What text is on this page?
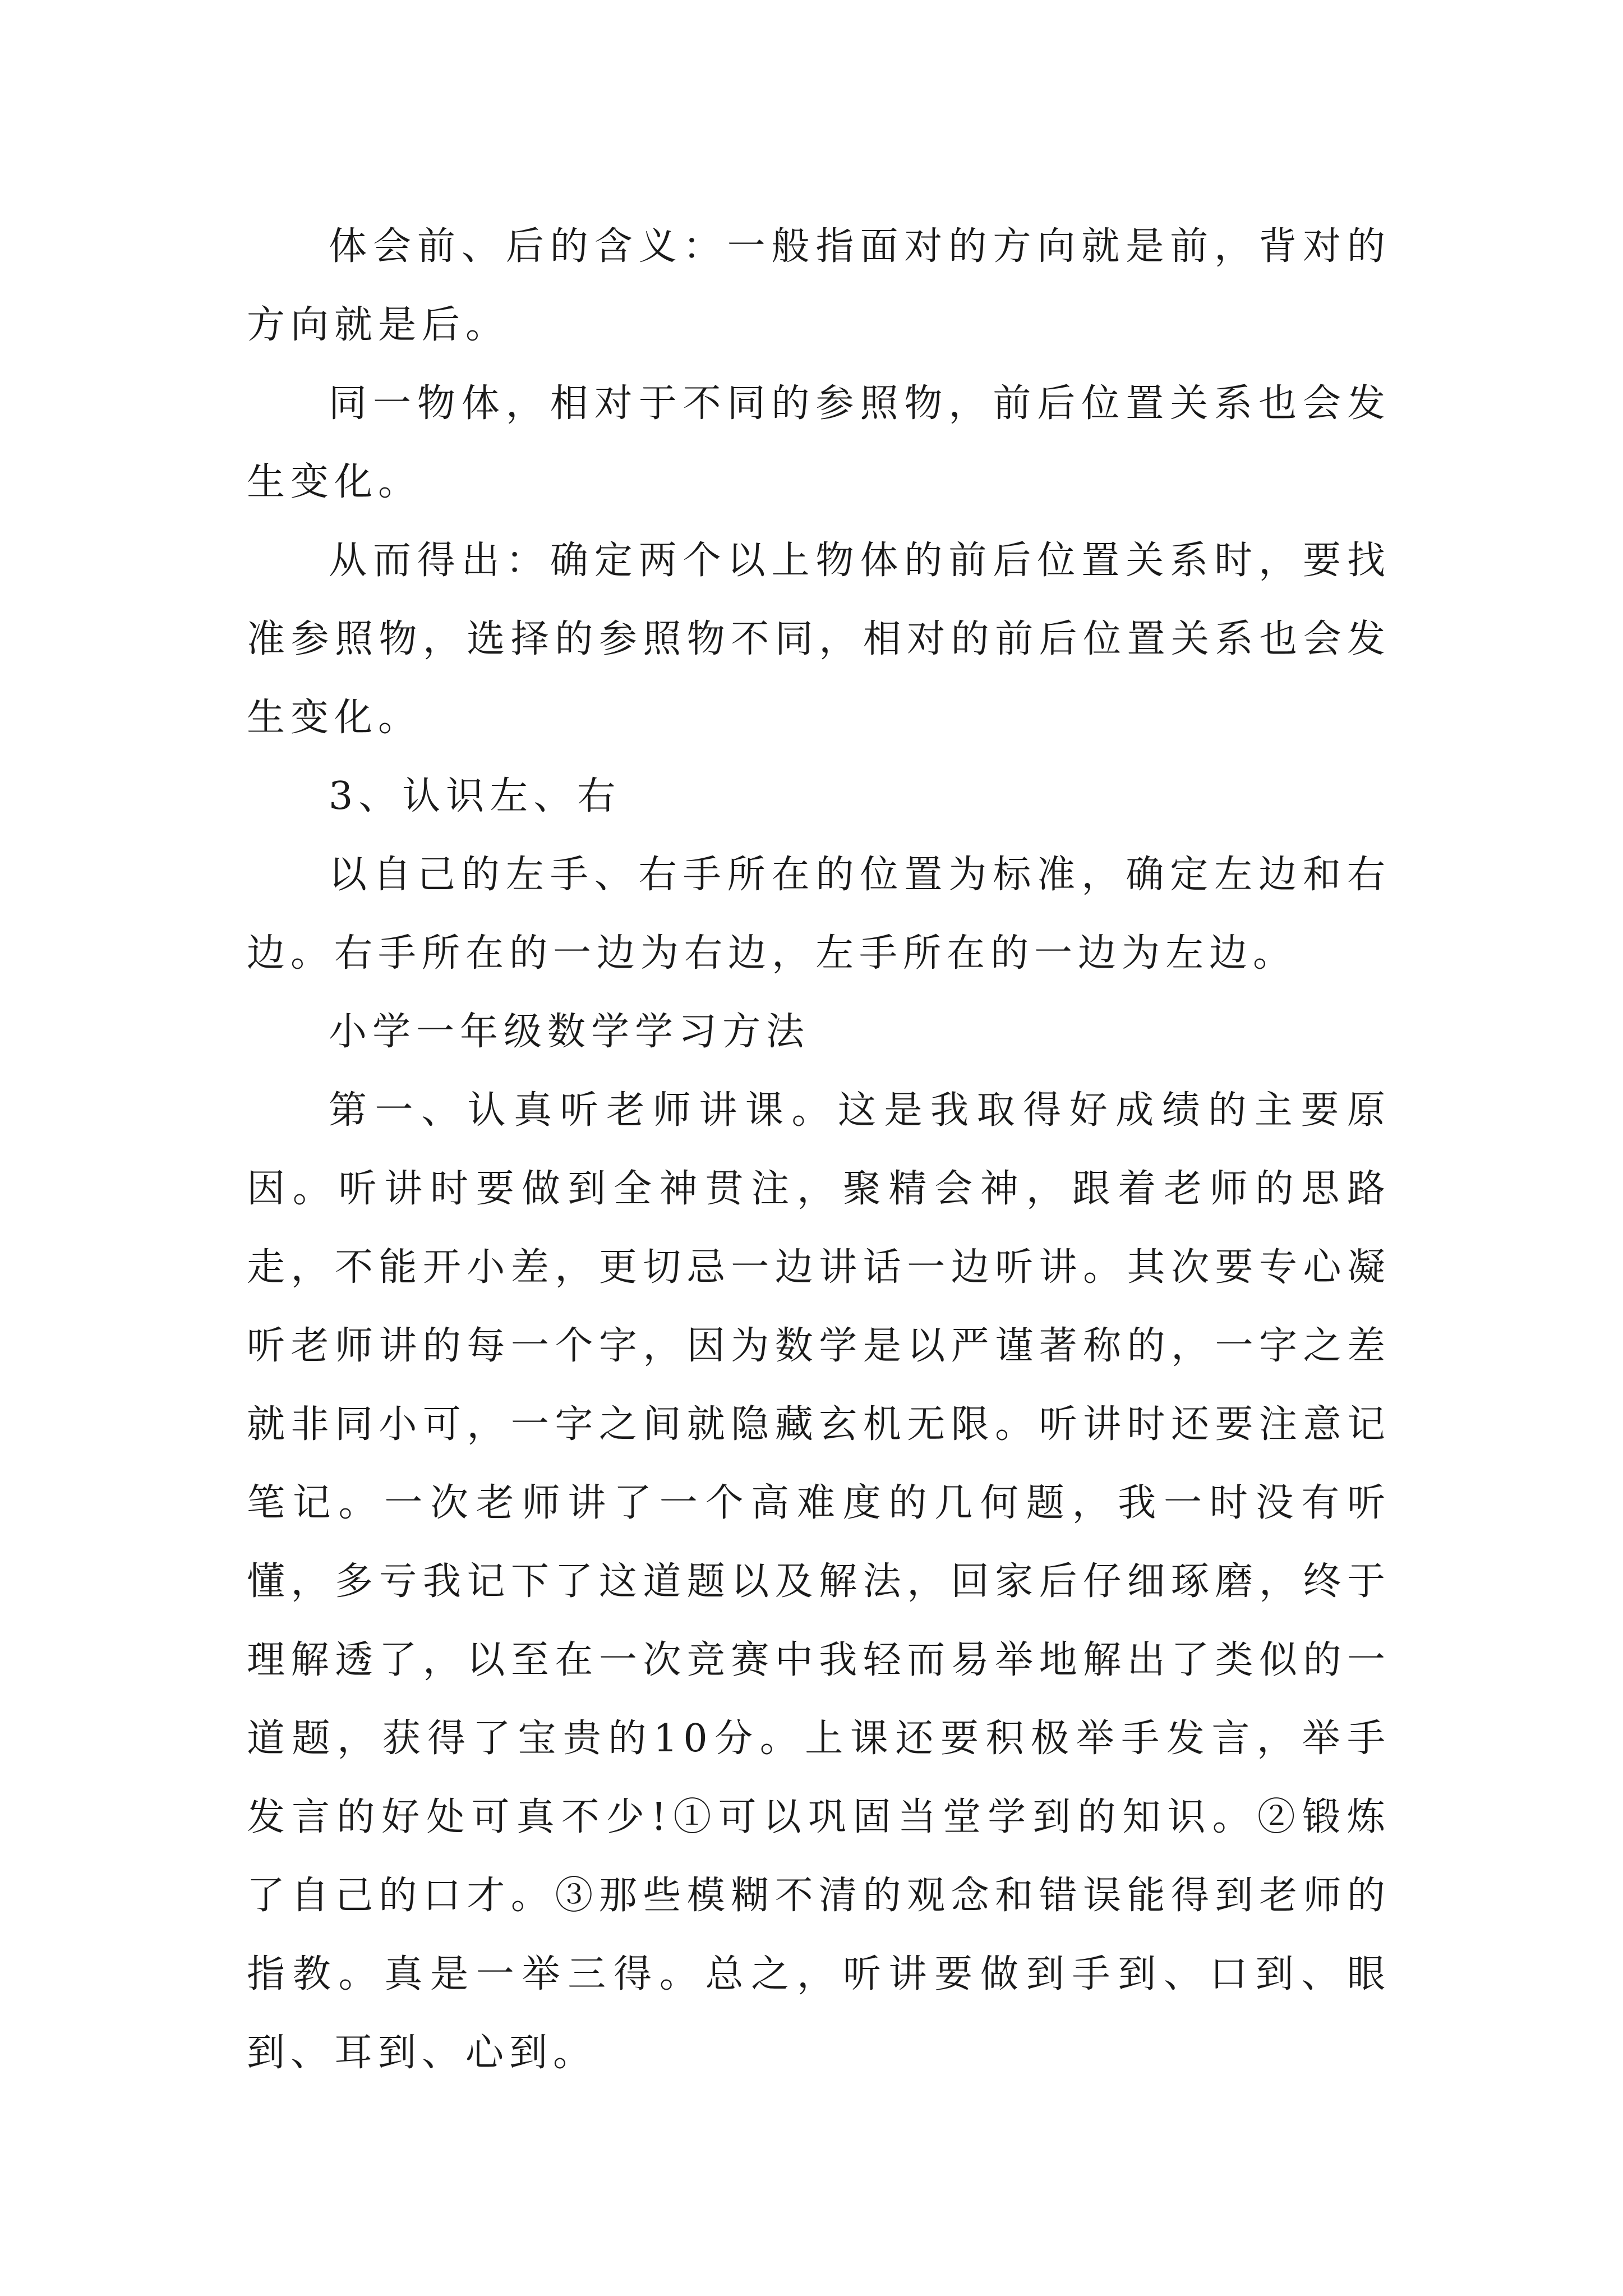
体会前、后的含义：一般指面对的方向就是前，背对的方向就是后。

同一物体，相对于不同的参照物，前后位置关系也会发生变化。

从而得出：确定两个以上物体的前后位置关系时，要找准参照物，选择的参照物不同，相对的前后位置关系也会发生变化。

3、认识左、右

以自己的左手、右手所在的位置为标准，确定左边和右边。右手所在的一边为右边，左手所在的一边为左边。

小学一年级数学学习方法

第一、认真听老师讲课。这是我取得好成绩的主要原因。听讲时要做到全神贯注，聚精会神，跟着老师的思路走，不能开小差，更切忌一边讲话一边听讲。其次要专心凝听老师讲的每一个字，因为数学是以严谨著称的，一字之差就非同小可，一字之间就隐藏玄机无限。听讲时还要注意记笔记。一次老师讲了一个高难度的几何题，我一时没有听懂，多亏我记下了这道题以及解法，回家后仔细琢磨，终于理解透了，以至在一次竞赛中我轻而易举地解出了类似的一道题，获得了宝贵的10分。上课还要积极举手发言，举手发言的好处可真不少!①可以巩固当堂学到的知识。②锻炼了自己的口才。③那些模糊不清的观念和错误能得到老师的指教。真是一举三得。总之，听讲要做到手到、口到、眼到、耳到、心到。
